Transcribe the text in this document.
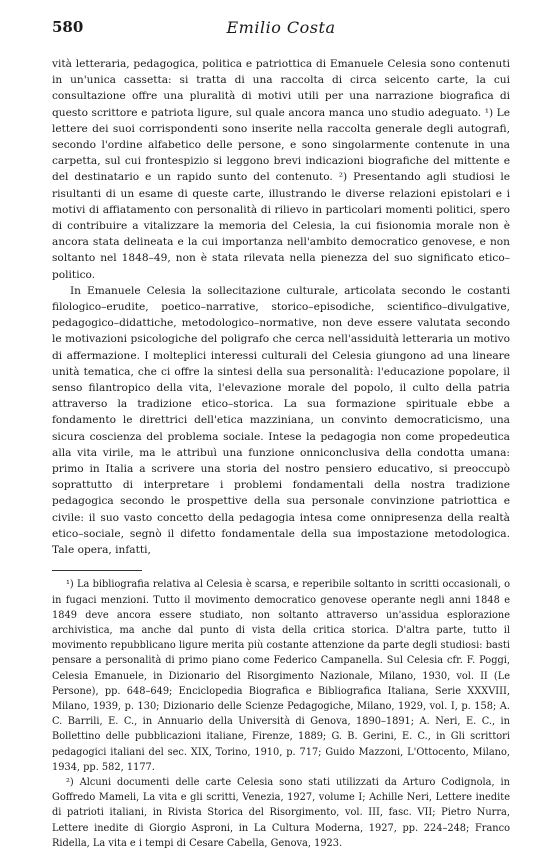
580	Emilio Costa

vità letteraria, pedagogica, politica e patriottica di Emanuele Celesia sono contenuti in un'unica cassetta: si tratta di una raccolta di circa seicento carte, la cui consultazione offre una pluralità di motivi utili per una narrazione biografica di questo scrittore e patriota ligure, sul quale ancora manca uno studio adeguato. ¹) Le lettere dei suoi corrispondenti sono inserite nella raccolta generale degli autografi, secondo l'ordine alfabetico delle persone, e sono singolarmente contenute in una carpetta, sul cui frontespizio si leggono brevi indicazioni biografiche del mittente e del destinatario e un rapido sunto del contenuto. ²) Presentando agli studiosi le risultanti di un esame di queste carte, illustrando le diverse relazioni epistolari e i motivi di affiatamento con personalità di rilievo in particolari momenti politici, spero di contribuire a vitalizzare la memoria del Celesia, la cui fisionomia morale non è ancora stata delineata e la cui importanza nell'ambito democratico genovese, e non soltanto nel 1848–49, non è stata rilevata nella pienezza del suo significato etico–politico.

In Emanuele Celesia la sollecitazione culturale, articolata secondo le costanti filologico–erudite, poetico–narrative, storico–episodiche, scientifico–divulgative, pedagogico–didattiche, metodologico–normative, non deve essere valutata secondo le motivazioni psicologiche del poligrafo che cerca nell'assiduità letteraria un motivo di affermazione. I molteplici interessi culturali del Celesia giungono ad una lineare unità tematica, che ci offre la sintesi della sua personalità: l'educazione popolare, il senso filantropico della vita, l'elevazione morale del popolo, il culto della patria attraverso la tradizione etico–storica. La sua formazione spirituale ebbe a fondamento le direttrici dell'etica mazziniana, un convinto democraticismo, una sicura coscienza del problema sociale. Intese la pedagogia non come propedeutica alla vita virile, ma le attribuì una funzione onniconclusiva della condotta umana: primo in Italia a scrivere una storia del nostro pensiero educativo, si preoccupò soprattutto di interpretare i problemi fondamentali della nostra tradizione pedagogica secondo le prospettive della sua personale convinzione patriottica e civile: il suo vasto concetto della pedagogia intesa come onnipresenza della realtà etico–sociale, segnò il difetto fondamentale della sua impostazione metodologica. Tale opera, infatti,

¹) La bibliografia relativa al Celesia è scarsa, e reperibile soltanto in scritti occasionali, o in fugaci menzioni. Tutto il movimento democratico genovese operante negli anni 1848 e 1849 deve ancora essere studiato, non soltanto attraverso un'assidua esplorazione archivistica, ma anche dal punto di vista della critica storica. D'altra parte, tutto il movimento repubblicano ligure merita più costante attenzione da parte degli studiosi: basti pensare a personalità di primo piano come Federico Campanella. Sul Celesia cfr. F. Poggi, Celesia Emanuele, in Dizionario del Risorgimento Nazionale, Milano, 1930, vol. II (Le Persone), pp. 648–649; Enciclopedia Biografica e Bibliografica Italiana, Serie XXXVIII, Milano, 1939, p. 130; Dizionario delle Scienze Pedagogiche, Milano, 1929, vol. I, p. 158; A. C. Barrili, E. C., in Annuario della Università di Genova, 1890–1891; A. Neri, E. C., in Bollettino delle pubblicazioni italiane, Firenze, 1889; G. B. Gerini, E. C., in Gli scrittori pedagogici italiani del sec. XIX, Torino, 1910, p. 717; Guido Mazzoni, L'Ottocento, Milano, 1934, pp. 582, 1177.

²) Alcuni documenti delle carte Celesia sono stati utilizzati da Arturo Codignola, in Goffredo Mameli, La vita e gli scritti, Venezia, 1927, volume I; Achille Neri, Lettere inedite di patrioti italiani, in Rivista Storica del Risorgimento, vol. III, fasc. VII; Pietro Nurra, Lettere inedite di Giorgio Asproni, in La Cultura Moderna, 1927, pp. 224–248; Franco Ridella, La vita e i tempi di Cesare Cabella, Genova, 1923.
